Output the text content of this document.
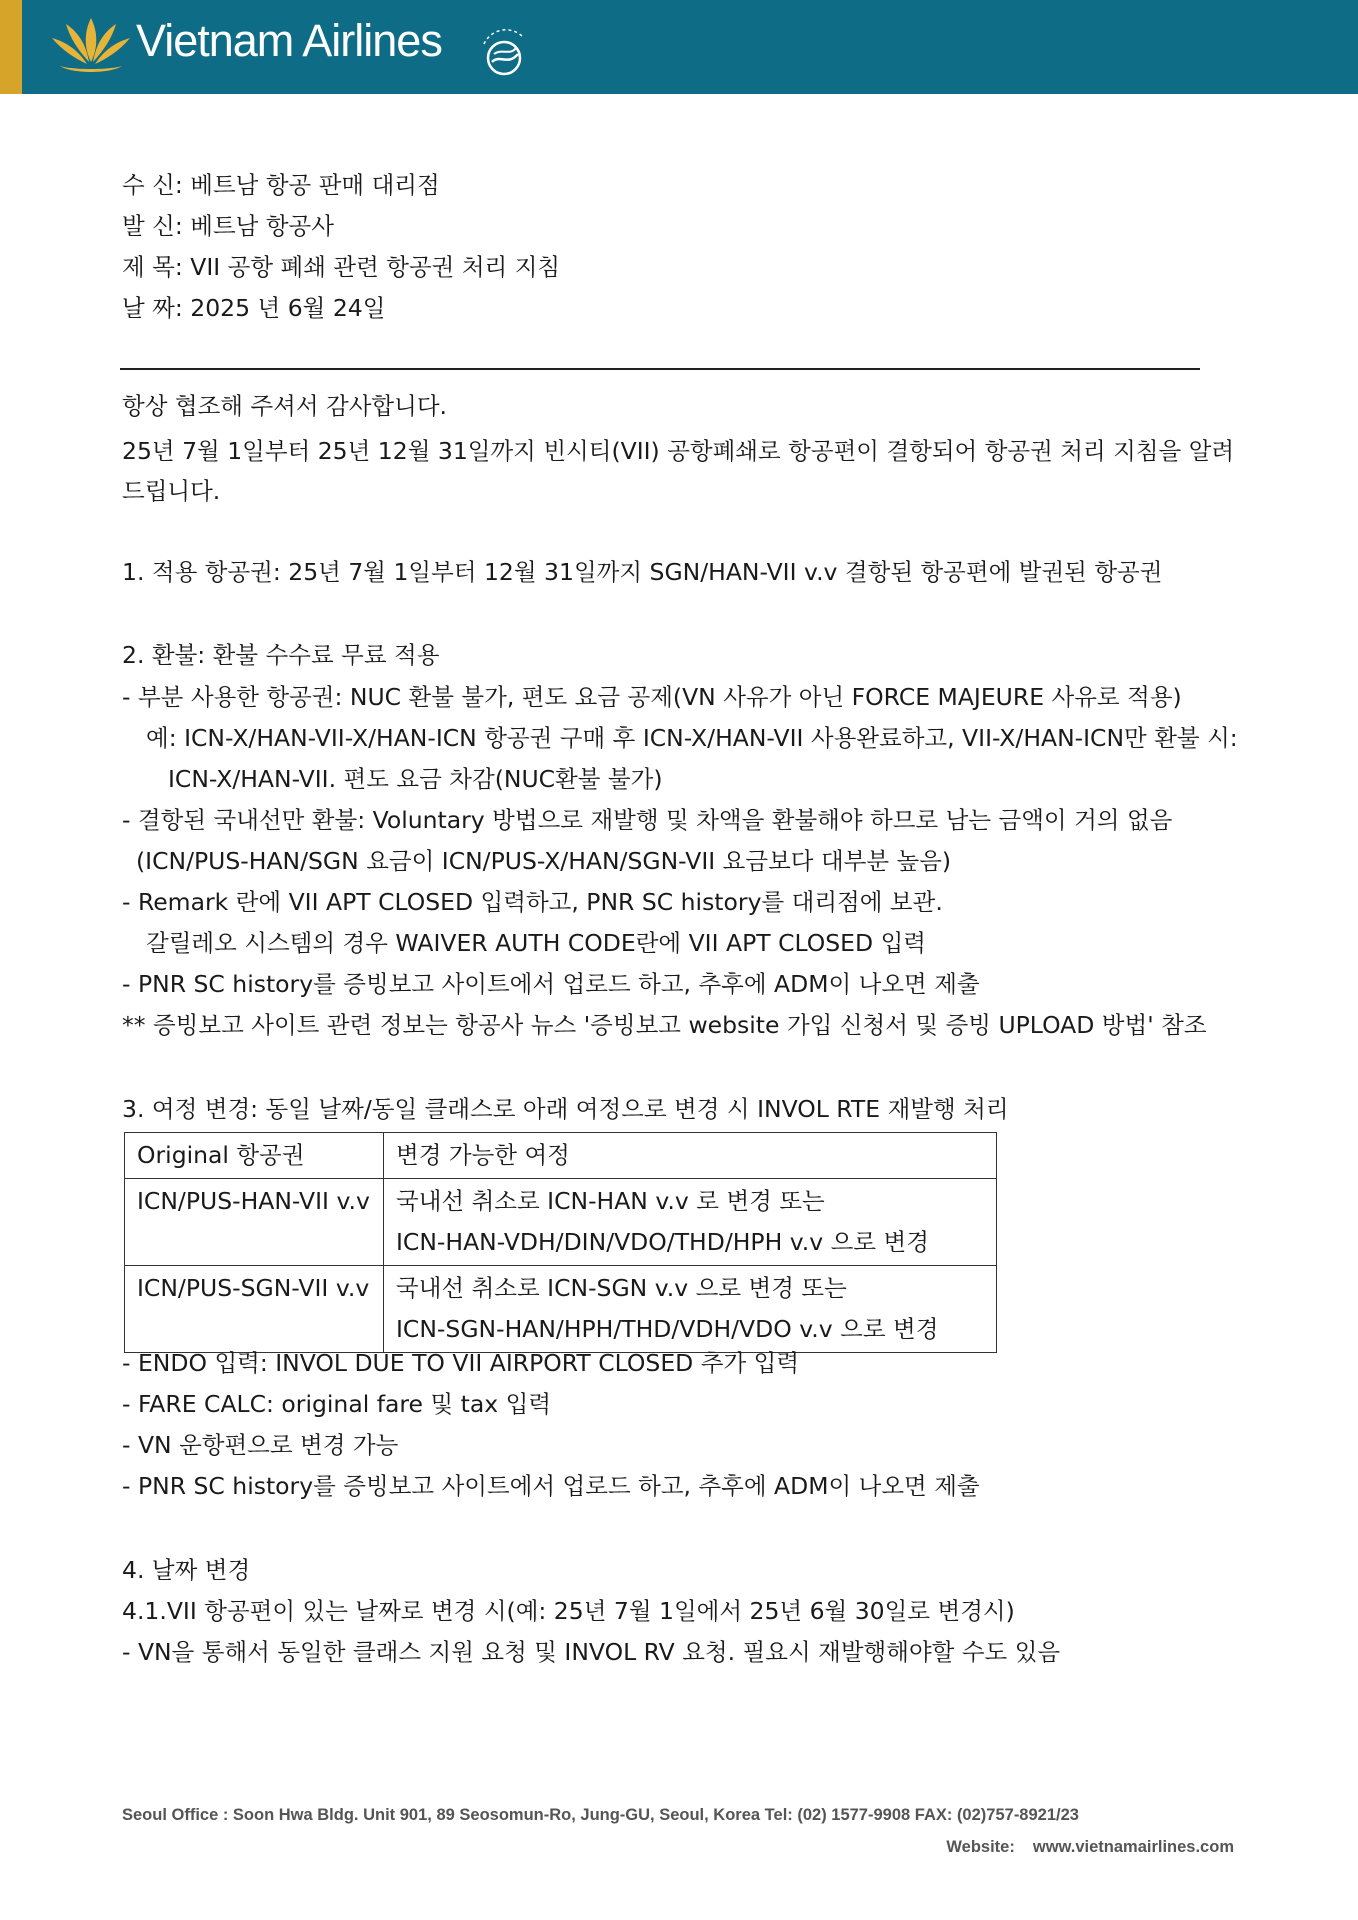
Vietnam Airlines
수 신: 베트남 항공 판매 대리점
발 신: 베트남 항공사
제 목: VII 공항 폐쇄 관련 항공권 처리 지침
날 짜: 2025 년 6월 24일
항상 협조해 주셔서 감사합니다.
25년 7월 1일부터 25년 12월 31일까지 빈시티(VII) 공항폐쇄로 항공편이 결항되어 항공권 처리 지침을 알려드립니다.
1. 적용 항공권: 25년 7월 1일부터 12월 31일까지 SGN/HAN-VII v.v 결항된 항공편에 발권된 항공권
2. 환불: 환불 수수료 무료 적용
- 부분 사용한 항공권: NUC 환불 불가, 편도 요금 공제(VN 사유가 아닌 FORCE MAJEURE 사유로 적용)
예: ICN-X/HAN-VII-X/HAN-ICN 항공권 구매 후 ICN-X/HAN-VII 사용완료하고, VII-X/HAN-ICN만 환불 시:
ICN-X/HAN-VII. 편도 요금 차감(NUC환불 불가)
- 결항된 국내선만 환불: Voluntary 방법으로 재발행 및 차액을 환불해야 하므로 남는 금액이 거의 없음
(ICN/PUS-HAN/SGN 요금이 ICN/PUS-X/HAN/SGN-VII 요금보다 대부분 높음)
- Remark 란에 VII APT CLOSED 입력하고, PNR SC history를 대리점에 보관.
갈릴레오 시스템의 경우 WAIVER AUTH CODE란에 VII APT CLOSED 입력
- PNR SC history를 증빙보고 사이트에서 업로드 하고, 추후에 ADM이 나오면 제출
** 증빙보고 사이트 관련 정보는 항공사 뉴스 '증빙보고 website 가입 신청서 및 증빙 UPLOAD 방법' 참조
3. 여정 변경: 동일 날짜/동일 클래스로 아래 여정으로 변경 시 INVOL RTE 재발행 처리
Original 항공권	변경 가능한 여정
ICN/PUS-HAN-VII v.v	국내선 취소로 ICN-HAN v.v 로 변경 또는
ICN-HAN-VDH/DIN/VDO/THD/HPH v.v 으로 변경

ICN/PUS-SGN-VII v.v	국내선 취소로 ICN-SGN v.v 으로 변경 또는
ICN-SGN-HAN/HPH/THD/VDH/VDO v.v 으로 변경
- ENDO 입력: INVOL DUE TO VII AIRPORT CLOSED 추가 입력
- FARE CALC: original fare 및 tax 입력
- VN 운항편으로 변경 가능
- PNR SC history를 증빙보고 사이트에서 업로드 하고, 추후에 ADM이 나오면 제출
4. 날짜 변경
4.1.VII 항공편이 있는 날짜로 변경 시(예: 25년 7월 1일에서 25년 6월 30일로 변경시)
- VN을 통해서 동일한 클래스 지원 요청 및 INVOL RV 요청. 필요시 재발행해야할 수도 있음
Seoul Office : Soon Hwa Bldg. Unit 901, 89 Seosomun-Ro, Jung-GU, Seoul, Korea Tel: (02) 1577-9908 FAX: (02)757-8921/23
Website: www.vietnamairlines.com
